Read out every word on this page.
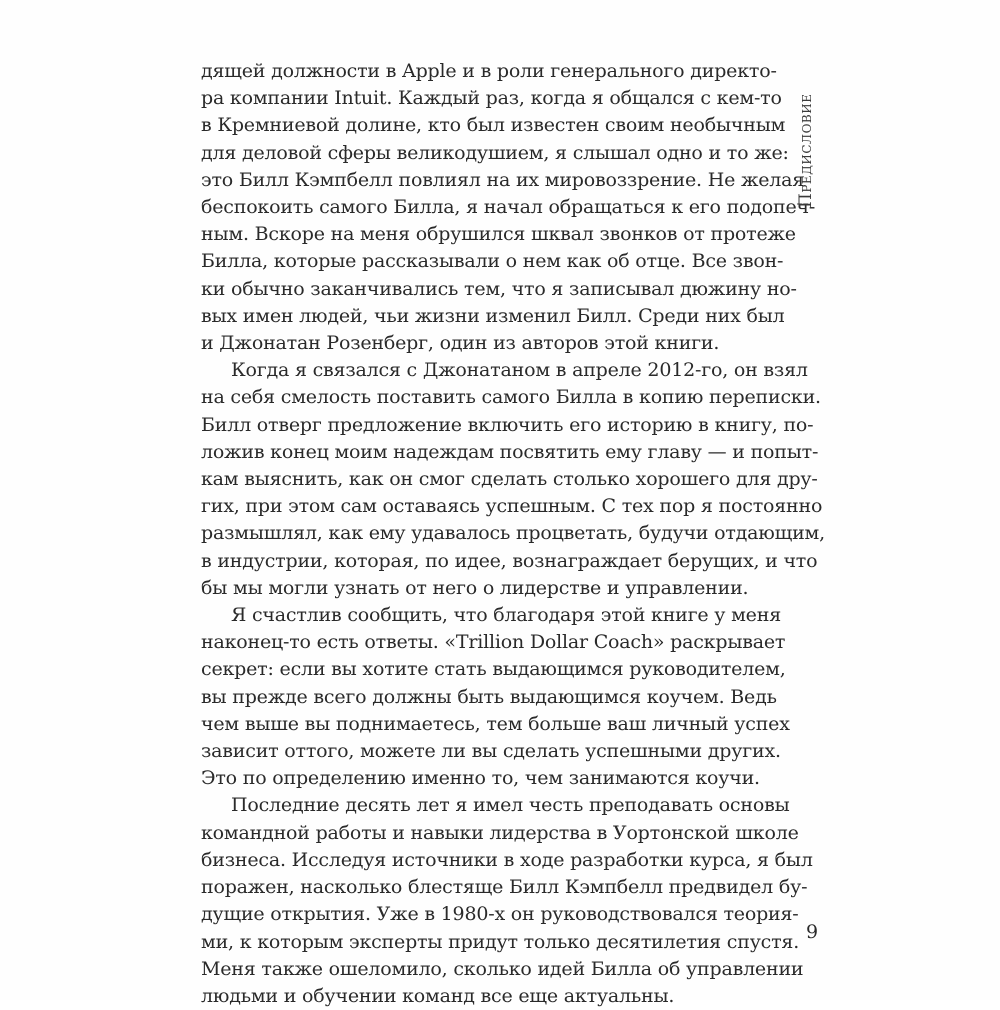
дящей должности в Apple и в роли генерального директо-
ра компании Intuit. Каждый раз, когда я общался с кем-то
в Кремниевой долине, кто был известен своим необычным
для деловой сферы великодушием, я слышал одно и то же:
это Билл Кэмпбелл повлиял на их мировоззрение. Не желая
беспокоить самого Билла, я начал обращаться к его подопеч-
ным. Вскоре на меня обрушился шквал звонков от протеже
Билла, которые рассказывали о нем как об отце. Все звон-
ки обычно заканчивались тем, что я записывал дюжину но-
вых имен людей, чьи жизни изменил Билл. Среди них был
и Джонатан Розенберг, один из авторов этой книги.

Когда я связался с Джонатаном в апреле 2012-го, он взял
на себя смелость поставить самого Билла в копию переписки.
Билл отверг предложение включить его историю в книгу, по-
ложив конец моим надеждам посвятить ему главу — и попыт-
кам выяснить, как он смог сделать столько хорошего для дру-
гих, при этом сам оставаясь успешным. С тех пор я постоянно
размышлял, как ему удавалось процветать, будучи отдающим,
в индустрии, которая, по идее, вознаграждает берущих, и что
бы мы могли узнать от него о лидерстве и управлении.

Я счастлив сообщить, что благодаря этой книге у меня
наконец-то есть ответы. «Trillion Dollar Coach» раскрывает
секрет: если вы хотите стать выдающимся руководителем,
вы прежде всего должны быть выдающимся коучем. Ведь
чем выше вы поднимаетесь, тем больше ваш личный успех
зависит оттого, можете ли вы сделать успешными других.
Это по определению именно то, чем занимаются коучи.

Последние десять лет я имел честь преподавать основы
командной работы и навыки лидерства в Уортонской школе
бизнеса. Исследуя источники в ходе разработки курса, я был
поражен, насколько блестяще Билл Кэмпбелл предвидел бу-
дущие открытия. Уже в 1980-х он руководствовался теория-
ми, к которым эксперты придут только десятилетия спустя.
Меня также ошеломило, сколько идей Билла об управлении
людьми и обучении команд все еще актуальны.

Предисловие
9
